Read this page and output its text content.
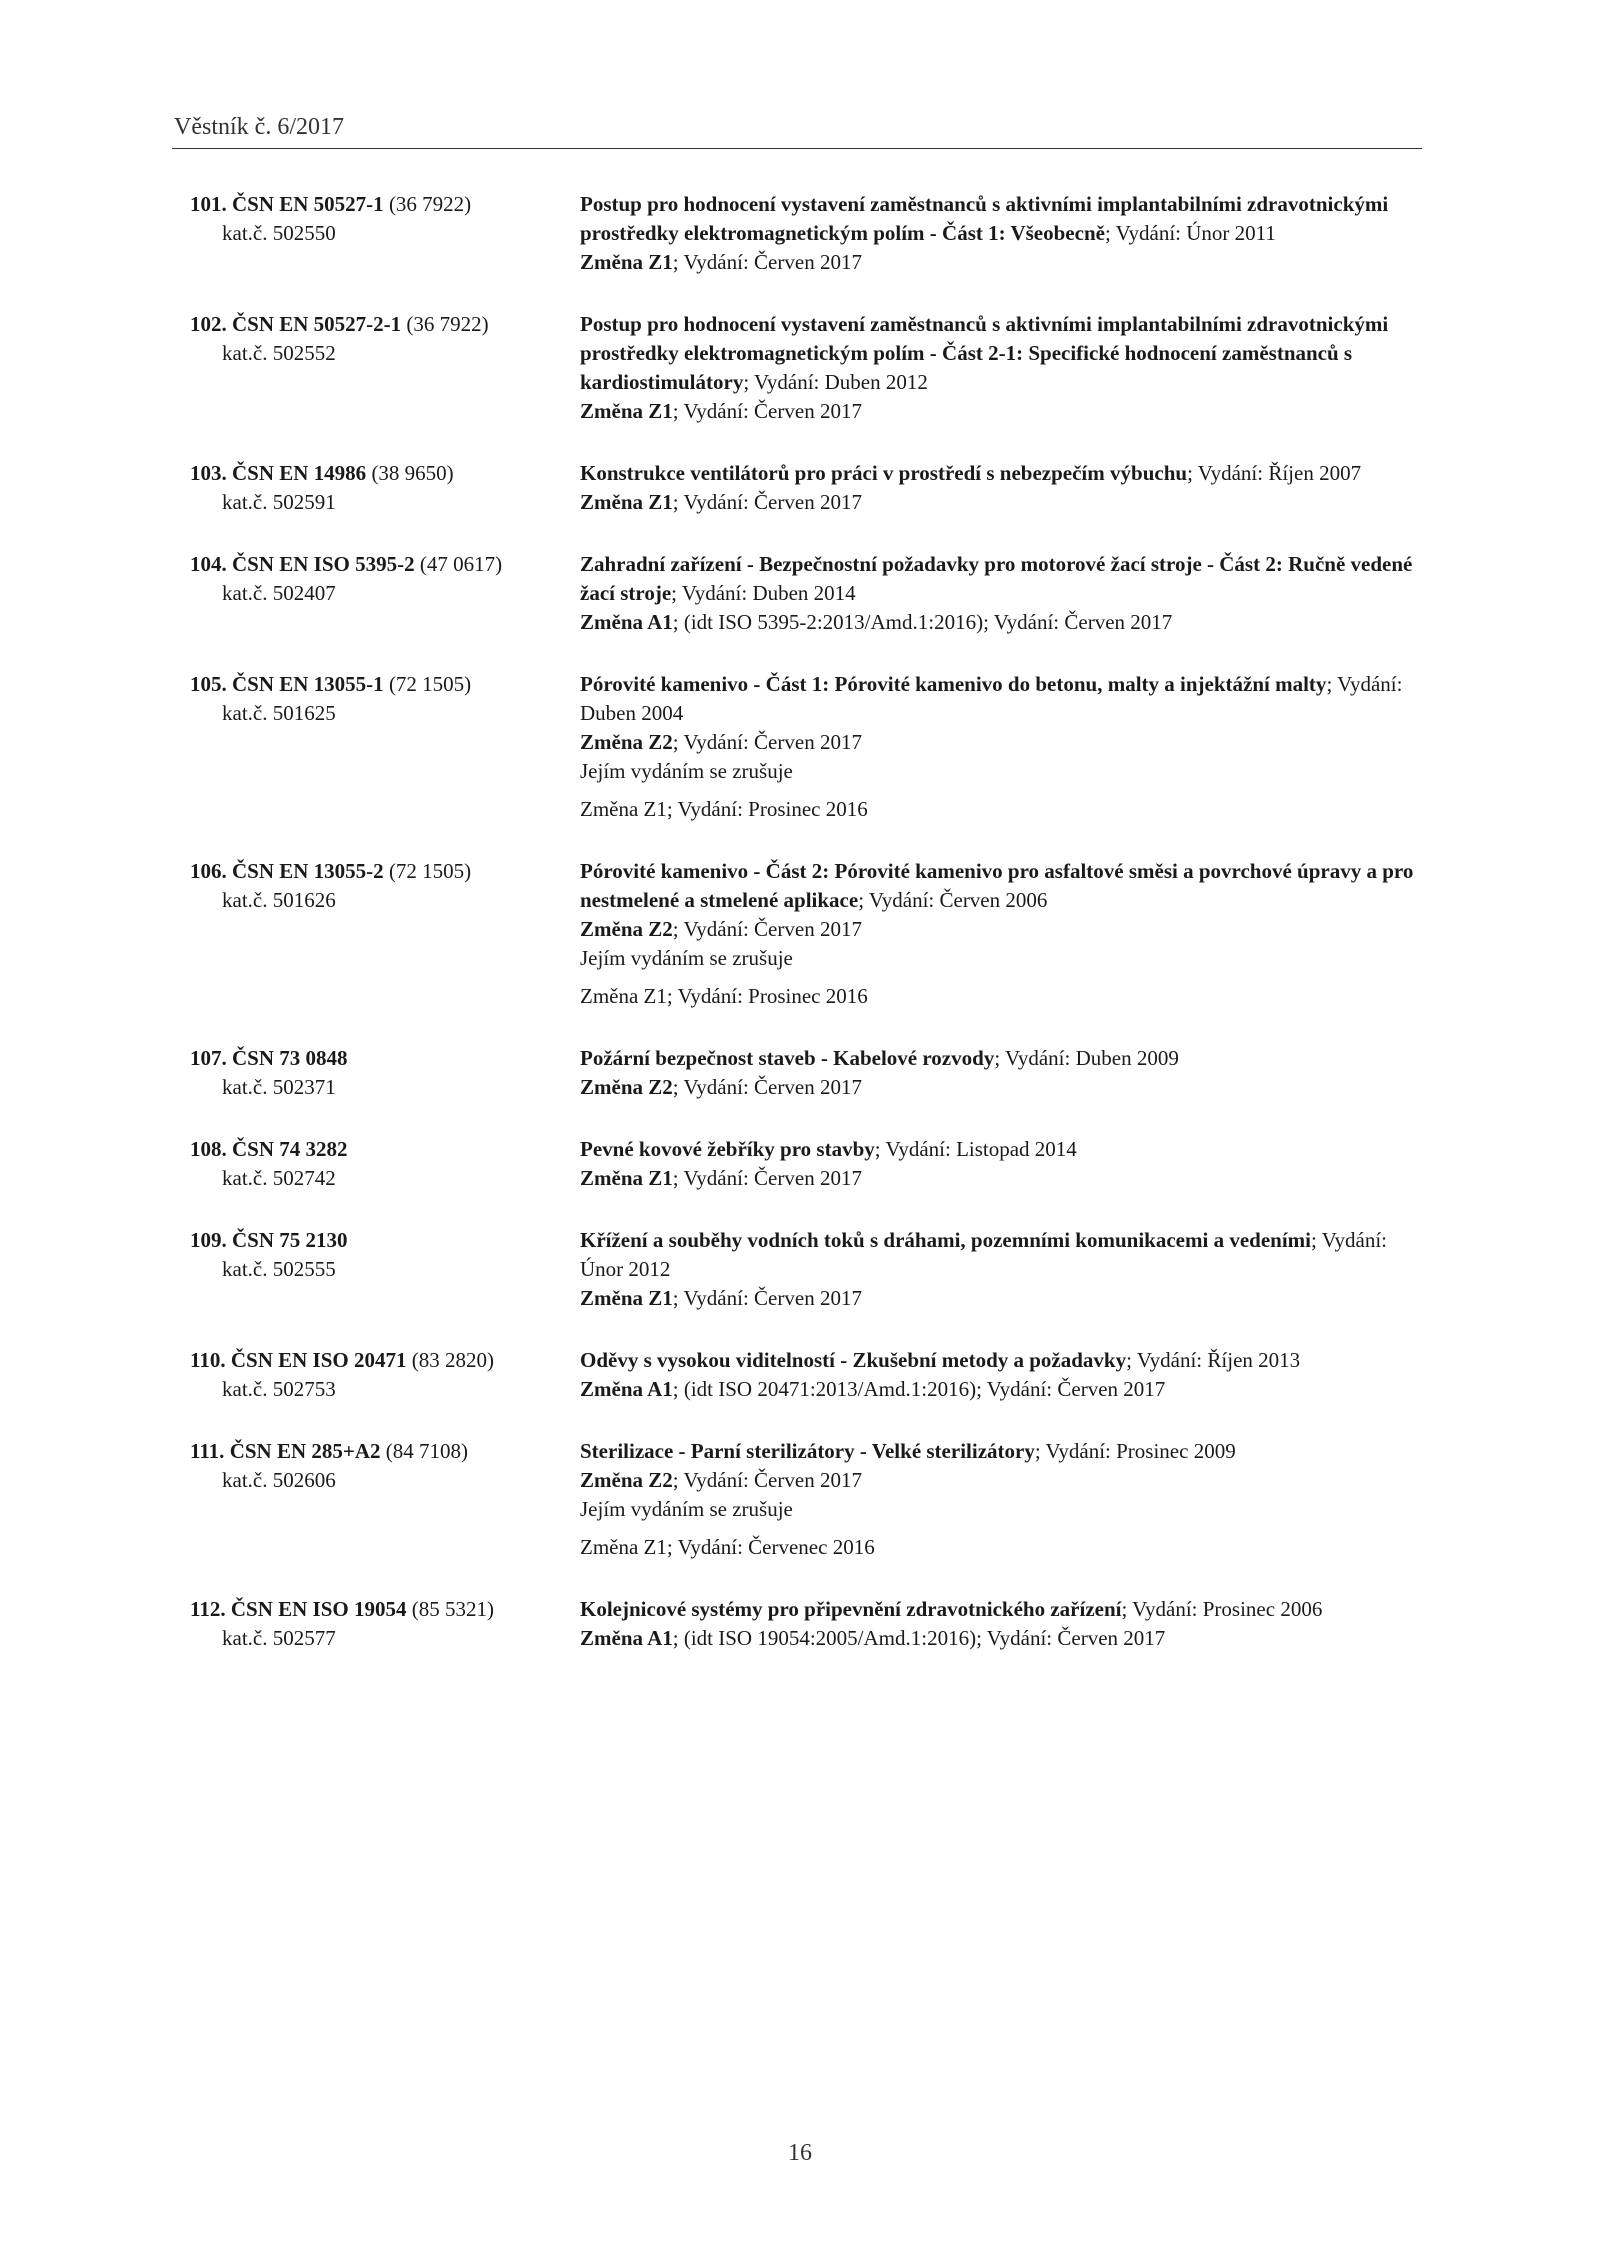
Věstník č. 6/2017
101. ČSN EN 50527-1 (36 7922)
kat.č. 502550
Postup pro hodnocení vystavení zaměstnanců s aktivními implantabilními zdravotnickými prostředky elektromagnetickým polím - Část 1: Všeobecně; Vydání: Únor 2011
Změna Z1; Vydání: Červen 2017
102. ČSN EN 50527-2-1 (36 7922)
kat.č. 502552
Postup pro hodnocení vystavení zaměstnanců s aktivními implantabilními zdravotnickými prostředky elektromagnetickým polím - Část 2-1: Specifické hodnocení zaměstnanců s kardiostimulátory; Vydání: Duben 2012
Změna Z1; Vydání: Červen 2017
103. ČSN EN 14986 (38 9650)
kat.č. 502591
Konstrukce ventilátorů pro práci v prostředí s nebezpečím výbuchu; Vydání: Říjen 2007
Změna Z1; Vydání: Červen 2017
104. ČSN EN ISO 5395-2 (47 0617)
kat.č. 502407
Zahradní zařízení - Bezpečnostní požadavky pro motorové žací stroje - Část 2: Ručně vedené žací stroje; Vydání: Duben 2014
Změna A1; (idt ISO 5395-2:2013/Amd.1:2016); Vydání: Červen 2017
105. ČSN EN 13055-1 (72 1505)
kat.č. 501625
Pórovité kamenivo - Část 1: Pórovité kamenivo do betonu, malty a injektážní malty; Vydání: Duben 2004
Změna Z2; Vydání: Červen 2017
Jejím vydáním se zrušuje
Změna Z1; Vydání: Prosinec 2016
106. ČSN EN 13055-2 (72 1505)
kat.č. 501626
Pórovité kamenivo - Část 2: Pórovité kamenivo pro asfaltové směsi a povrchové úpravy a pro nestmelené a stmelené aplikace; Vydání: Červen 2006
Změna Z2; Vydání: Červen 2017
Jejím vydáním se zrušuje
Změna Z1; Vydání: Prosinec 2016
107. ČSN 73 0848
kat.č. 502371
Požární bezpečnost staveb - Kabelové rozvody; Vydání: Duben 2009
Změna Z2; Vydání: Červen 2017
108. ČSN 74 3282
kat.č. 502742
Pevné kovové žebříky pro stavby; Vydání: Listopad 2014
Změna Z1; Vydání: Červen 2017
109. ČSN 75 2130
kat.č. 502555
Křížení a souběhy vodních toků s dráhami, pozemními komunikacemi a vedeními; Vydání: Únor 2012
Změna Z1; Vydání: Červen 2017
110. ČSN EN ISO 20471 (83 2820)
kat.č. 502753
Oděvy s vysokou viditelností - Zkušební metody a požadavky; Vydání: Říjen 2013
Změna A1; (idt ISO 20471:2013/Amd.1:2016); Vydání: Červen 2017
111. ČSN EN 285+A2 (84 7108)
kat.č. 502606
Sterilizace - Parní sterilizátory - Velké sterilizátory; Vydání: Prosinec 2009
Změna Z2; Vydání: Červen 2017
Jejím vydáním se zrušuje
Změna Z1; Vydání: Červenec 2016
112. ČSN EN ISO 19054 (85 5321)
kat.č. 502577
Kolejnicové systémy pro připevnění zdravotnického zařízení; Vydání: Prosinec 2006
Změna A1; (idt ISO 19054:2005/Amd.1:2016); Vydání: Červen 2017
16
